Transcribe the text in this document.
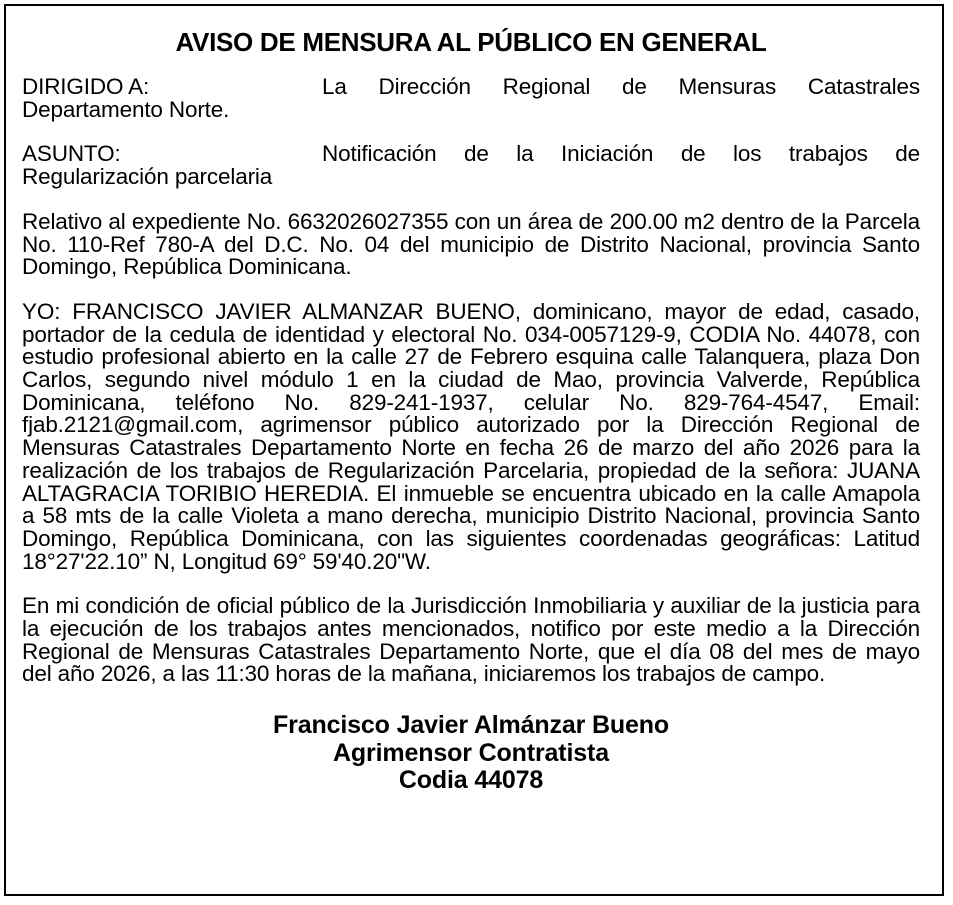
AVISO DE MENSURA AL PÚBLICO EN GENERAL
DIRIGIDO A:	La Dirección Regional de Mensuras Catastrales
Departamento Norte.
ASUNTO:	Notificación de la Iniciación de los trabajos de
Regularización parcelaria

Relativo al expediente No. 6632026027355 con un área de 200.00 m2 dentro de la Parcela No. 110-Ref 780-A del D.C. No. 04 del municipio de Distrito Nacional, provincia Santo Domingo, República Dominicana.

YO: FRANCISCO JAVIER ALMANZAR BUENO, dominicano, mayor de edad, casado, portador de la cedula de identidad y electoral No. 034-0057129-9, CODIA No. 44078, con estudio profesional abierto en la calle 27 de Febrero esquina calle Talanquera, plaza Don Carlos, segundo nivel módulo 1 en la ciudad de Mao, provincia Valverde, República Dominicana, teléfono No. 829-241-1937, celular No. 829-764-4547, Email: fjab.2121@gmail.com, agrimensor público autorizado por la Dirección Regional de Mensuras Catastrales Departamento Norte en fecha 26 de marzo del año 2026 para la realización de los trabajos de Regularización Parcelaria, propiedad de la señora: JUANA ALTAGRACIA TORIBIO HEREDIA. El inmueble se encuentra ubicado en la calle Amapola a 58 mts de la calle Violeta a mano derecha, municipio Distrito Nacional, provincia Santo Domingo, República Dominicana, con las siguientes coordenadas geográficas: Latitud 18°27'22.10” N, Longitud 69° 59'40.20"W.

En mi condición de oficial público de la Jurisdicción Inmobiliaria y auxiliar de la justicia para la ejecución de los trabajos antes mencionados, notifico por este medio a la Dirección Regional de Mensuras Catastrales Departamento Norte, que el día 08 del mes de mayo del año 2026, a las 11:30 horas de la mañana, iniciaremos los trabajos de campo.

Francisco Javier Almánzar Bueno
Agrimensor Contratista
Codia 44078
